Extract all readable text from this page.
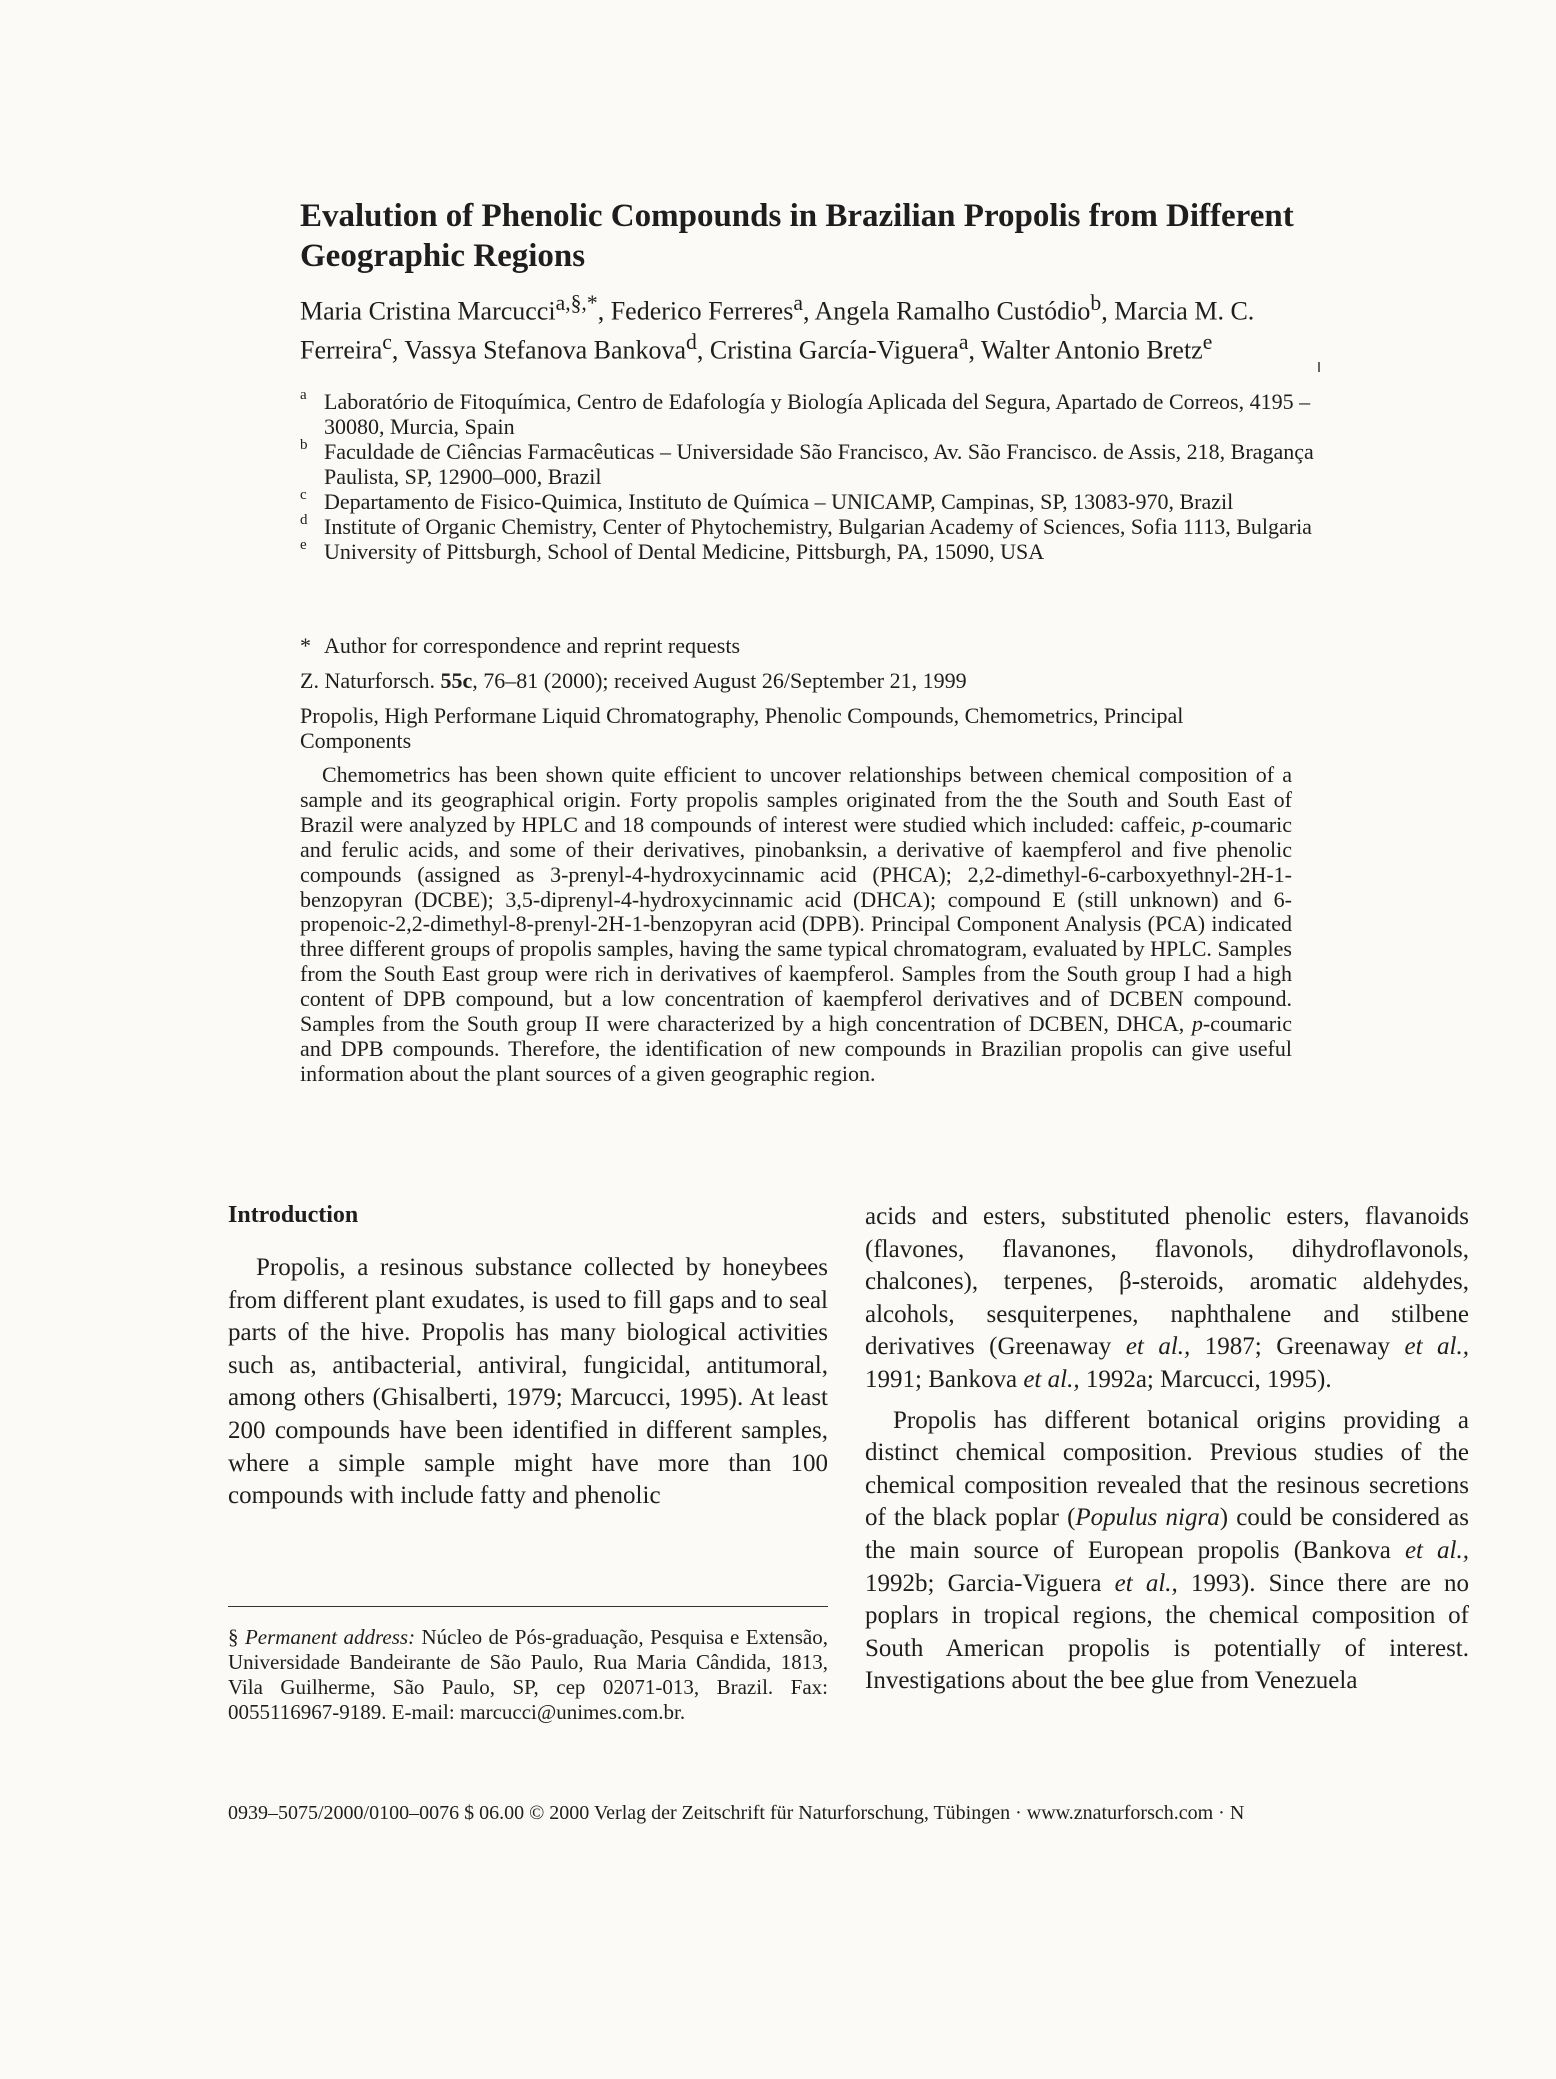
Evalution of Phenolic Compounds in Brazilian Propolis from Different Geographic Regions
Maria Cristina Marcucci$^{a,\S,*}$, Federico Ferreres$^a$, Angela Ramalho Custódio$^b$, Marcia M. C. Ferreira$^c$, Vassya Stefanova Bankova$^d$, Cristina García-Viguera$^a$, Walter Antonio Bretz$^e$
a Laboratório de Fitoquímica, Centro de Edafología y Biología Aplicada del Segura, Apartado de Correos, 4195 – 30080, Murcia, Spain
b Faculdade de Ciências Farmacêuticas – Universidade São Francisco, Av. São Francisco. de Assis, 218, Bragança Paulista, SP, 12900–000, Brazil
c Departamento de Fisico-Quimica, Instituto de Química – UNICAMP, Campinas, SP, 13083-970, Brazil
d Institute of Organic Chemistry, Center of Phytochemistry, Bulgarian Academy of Sciences, Sofia 1113, Bulgaria
e University of Pittsburgh, School of Dental Medicine, Pittsburgh, PA, 15090, USA
* Author for correspondence and reprint requests
Z. Naturforsch. 55c, 76–81 (2000); received August 26/September 21, 1999
Propolis, High Performane Liquid Chromatography, Phenolic Compounds, Chemometrics, Principal Components
Chemometrics has been shown quite efficient to uncover relationships between chemical composition of a sample and its geographical origin. Forty propolis samples originated from the the South and South East of Brazil were analyzed by HPLC and 18 compounds of interest were studied which included: caffeic, p-coumaric and ferulic acids, and some of their derivatives, pinobanksin, a derivative of kaempferol and five phenolic compounds (assigned as 3-prenyl-4-hydroxycinnamic acid (PHCA); 2,2-dimethyl-6-carboxyethnyl-2H-1-benzopyran (DCBE); 3,5-diprenyl-4-hydroxycinnamic acid (DHCA); compound E (still unknown) and 6-propenoic-2,2-dimethyl-8-prenyl-2H-1-benzopyran acid (DPB). Principal Component Analysis (PCA) indicated three different groups of propolis samples, having the same typical chromatogram, evaluated by HPLC. Samples from the South East group were rich in derivatives of kaempferol. Samples from the South group I had a high content of DPB compound, but a low concentration of kaempferol derivatives and of DCBEN compound. Samples from the South group II were characterized by a high concentration of DCBEN, DHCA, p-coumaric and DPB compounds. Therefore, the identification of new compounds in Brazilian propolis can give useful information about the plant sources of a given geographic region.
Introduction

Propolis, a resinous substance collected by honeybees from different plant exudates, is used to fill gaps and to seal parts of the hive. Propolis has many biological activities such as, antibacterial, antiviral, fungicidal, antitumoral, among others (Ghisalberti, 1979; Marcucci, 1995). At least 200 compounds have been identified in different samples, where a simple sample might have more than 100 compounds with include fatty and phenolic

§ Permanent address: Núcleo de Pós-graduação, Pesquisa e Extensão, Universidade Bandeirante de São Paulo, Rua Maria Cândida, 1813, Vila Guilherme, São Paulo, SP, cep 02071-013, Brazil. Fax: 0055116967-9189. E-mail: marcucci@unimes.com.br.

acids and esters, substituted phenolic esters, flavanoids (flavones, flavanones, flavonols, dihydroflavonols, chalcones), terpenes, β-steroids, aromatic aldehydes, alcohols, sesquiterpenes, naphthalene and stilbene derivatives (Greenaway et al., 1987; Greenaway et al., 1991; Bankova et al., 1992a; Marcucci, 1995).

Propolis has different botanical origins providing a distinct chemical composition. Previous studies of the chemical composition revealed that the resinous secretions of the black poplar (Populus nigra) could be considered as the main source of European propolis (Bankova et al., 1992b; Garcia-Viguera et al., 1993). Since there are no poplars in tropical regions, the chemical composition of South American propolis is potentially of interest. Investigations about the bee glue from Venezuela

0939–5075/2000/0100–0076 $ 06.00 © 2000 Verlag der Zeitschrift für Naturforschung, Tübingen · www.znaturforsch.com · N
